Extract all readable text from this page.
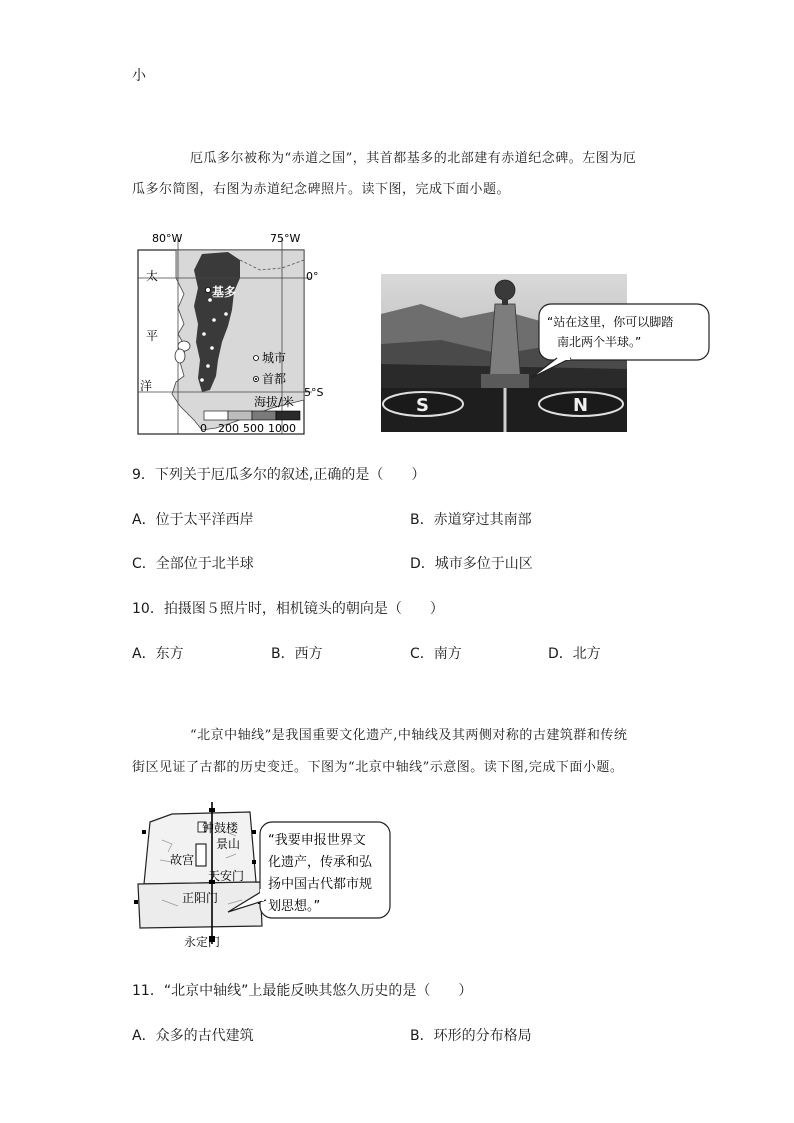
小
厄瓜多尔被称为“赤道之国”，其首都基多的北部建有赤道纪念碑。左图为厄
瓜多尔简图，右图为赤道纪念碑照片。读下图，完成下面小题。
基多
80°W	75°W
0°
5°S
太
平
洋
城市
首都
海拔/米
0 200 500 1000
S	N
“站在这里，你可以脚踏
南北两个半球。”
9．下列关于厄瓜多尔的叙述,正确的是（　　）
A．位于太平洋西岸	B．赤道穿过其南部
C．全部位于北半球	D．城市多位于山区
10．拍摄图５照片时，相机镜头的朝向是（　　）
A．东方	B．西方	C．南方	D．北方
“北京中轴线”是我国重要文化遗产,中轴线及其两侧对称的古建筑群和传统
街区见证了古都的历史变迁。下图为“北京中轴线”示意图。读下图,完成下面小题。
钟鼓楼
景山
故宫
天安门
正阳门
永定门
“我要申报世界文
化遗产，传承和弘
扬中国古代都市规
划思想。”
11．“北京中轴线”上最能反映其悠久历史的是（　　）
A．众多的古代建筑	B．环形的分布格局
